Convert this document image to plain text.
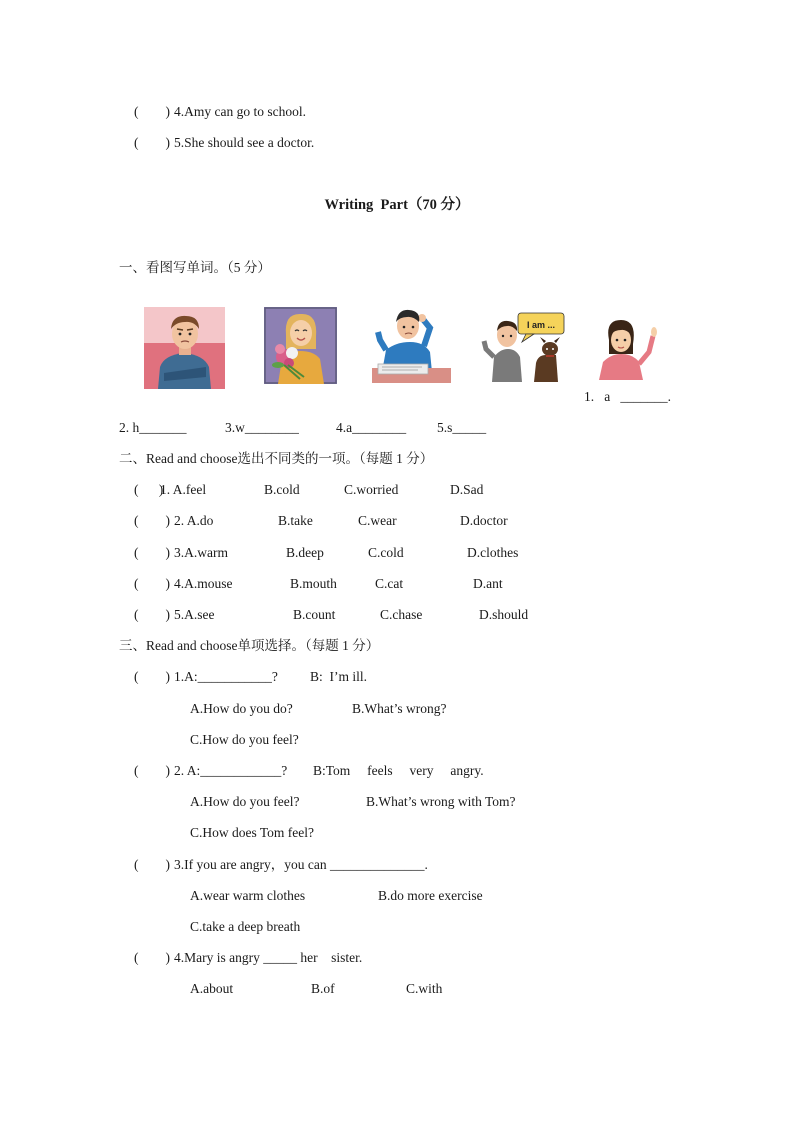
(        ) 4.Amy can go to school.
(        ) 5.She should see a doctor.
Writing  Part（70 分）
一、看图写单词。（5 分）
I am ...
1.   a   _______.
2. h_______	3.w________	4.a________ 5.s_____
二、Read and choose选出不同类的一项。（每题 1 分）
(      )
1. A.feel	B.cold	C.worried	D.Sad
(        ) 2. A.do	B.take	C.wear	D.doctor
(        ) 3.A.warm	B.deep	C.cold	D.clothes
(        ) 4.A.mouse	B.mouth	C.cat	D.ant
(        ) 5.A.see	B.count	C.chase	D.should
三、Read and choose单项选择。（每题 1 分）
(        ) 1.A:___________? B:  I’m ill.
A.How do you do?	B.What’s wrong?
C.How do you feel?
(        ) 2. A:____________? B:Tom     feels     very     angry.
A.How do you feel?	B.What’s wrong with Tom?
C.How does Tom feel?
(        ) 3.If you are angry，you can ______________.
A.wear warm clothes	B.do more exercise
C.take a deep breath
(        ) 4.Mary is angry _____ her    sister.
A.about	B.of	C.with
